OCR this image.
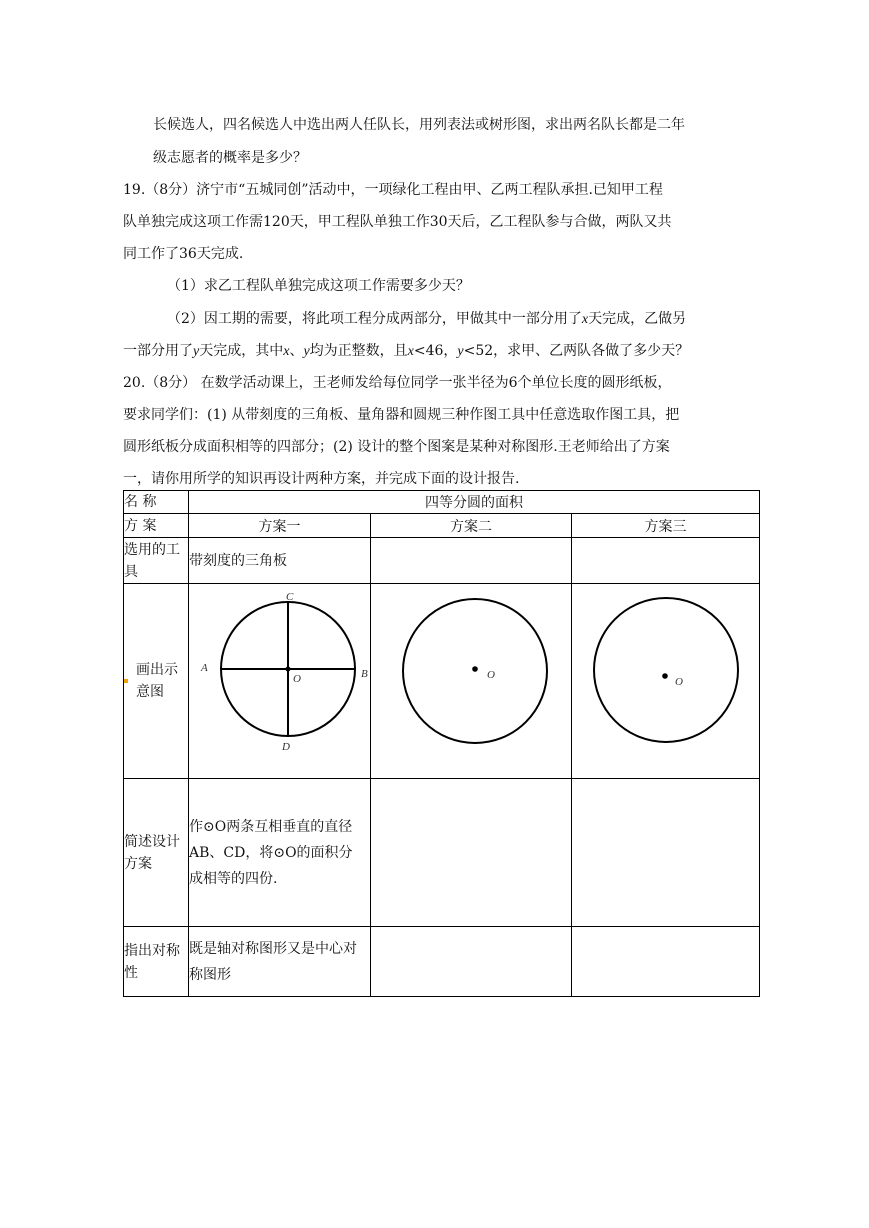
长候选人，四名候选人中选出两人任队长，用列表法或树形图，求出两名队长都是二年
级志愿者的概率是多少？
19.（8分）济宁市“五城同创”活动中，一项绿化工程由甲、乙两工程队承担.已知甲工程
队单独完成这项工作需120天，甲工程队单独工作30天后，乙工程队参与合做，两队又共
同工作了36天完成.
（1）求乙工程队单独完成这项工作需要多少天？
（2）因工期的需要，将此项工程分成两部分，甲做其中一部分用了x天完成，乙做另
一部分用了y天完成，其中x、y均为正整数，且x<46，y<52，求甲、乙两队各做了多少天？
20.（8分） 在数学活动课上，王老师发给每位同学一张半径为6个单位长度的圆形纸板，
要求同学们：(1) 从带刻度的三角板、量角器和圆规三种作图工具中任意选取作图工具，把
圆形纸板分成面积相等的四部分；(2) 设计的整个图案是某种对称图形.王老师给出了方案
一，请你用所学的知识再设计两种方案，并完成下面的设计报告.
名 称	四等分圆的面积		
方 案	方案一	方案二	方案三
选用的工具	带刻度的三角板		
画出示意图	A B
C
D
O	O	O

简述设计方案	作⊙O两条互相垂直的直径AB、CD，将⊙O的面积分成相等的四份.		
指出对称性	既是轴对称图形又是中心对称图形		
